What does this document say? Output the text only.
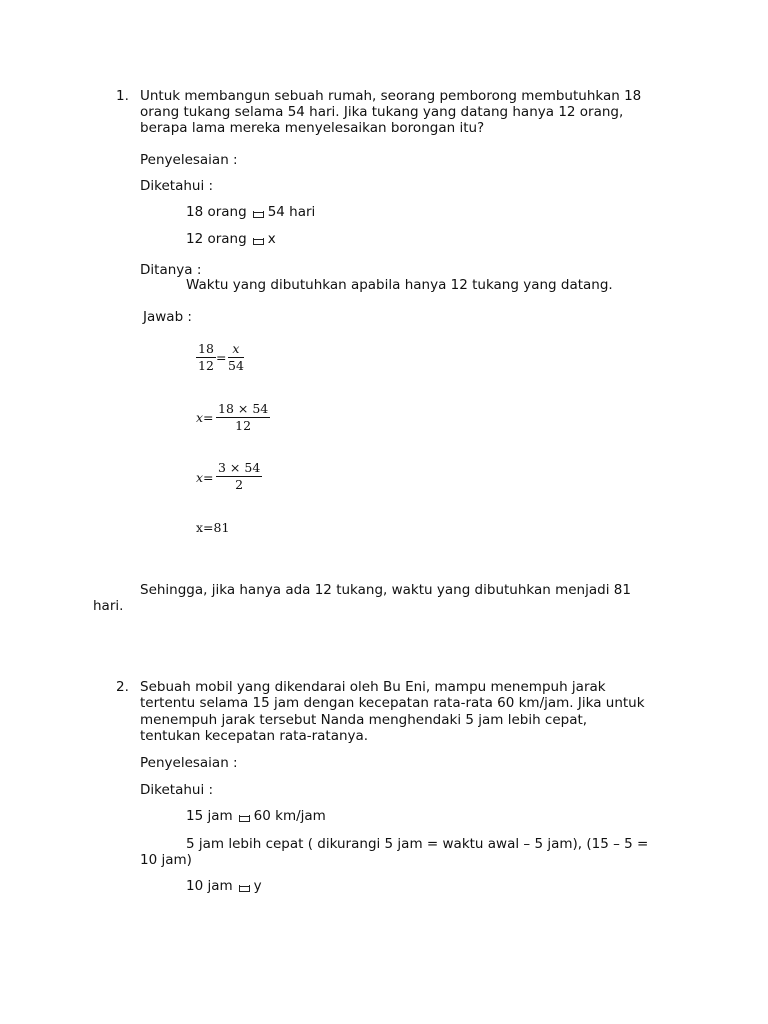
1. Untuk membangun sebuah rumah, seorang pemborong membutuhkan 18
orang tukang selama 54 hari. Jika tukang yang datang hanya 12 orang,
berapa lama mereka menyelesaikan borongan itu?
Penyelesaian :
Diketahui :
18 orang 54 hari
12 orang x
Ditanya :
Waktu yang dibutuhkan apabila hanya 12 tukang yang datang.
Jawab :
$\frac{18}{12} = \frac{x}{54}$
$x= \frac{18 \times 54}{12}$
$x= \frac{3 \times 54}{2}$
x=81
Sehingga, jika hanya ada 12 tukang, waktu yang dibutuhkan menjadi 81
hari.
2. Sebuah mobil yang dikendarai oleh Bu Eni, mampu menempuh jarak
tertentu selama 15 jam dengan kecepatan rata-rata 60 km/jam. Jika untuk
menempuh jarak tersebut Nanda menghendaki 5 jam lebih cepat,
tentukan kecepatan rata-ratanya.
Penyelesaian :
Diketahui :
15 jam 60 km/jam
5 jam lebih cepat ( dikurangi 5 jam = waktu awal – 5 jam), (15 – 5 =
10 jam)
10 jam y
